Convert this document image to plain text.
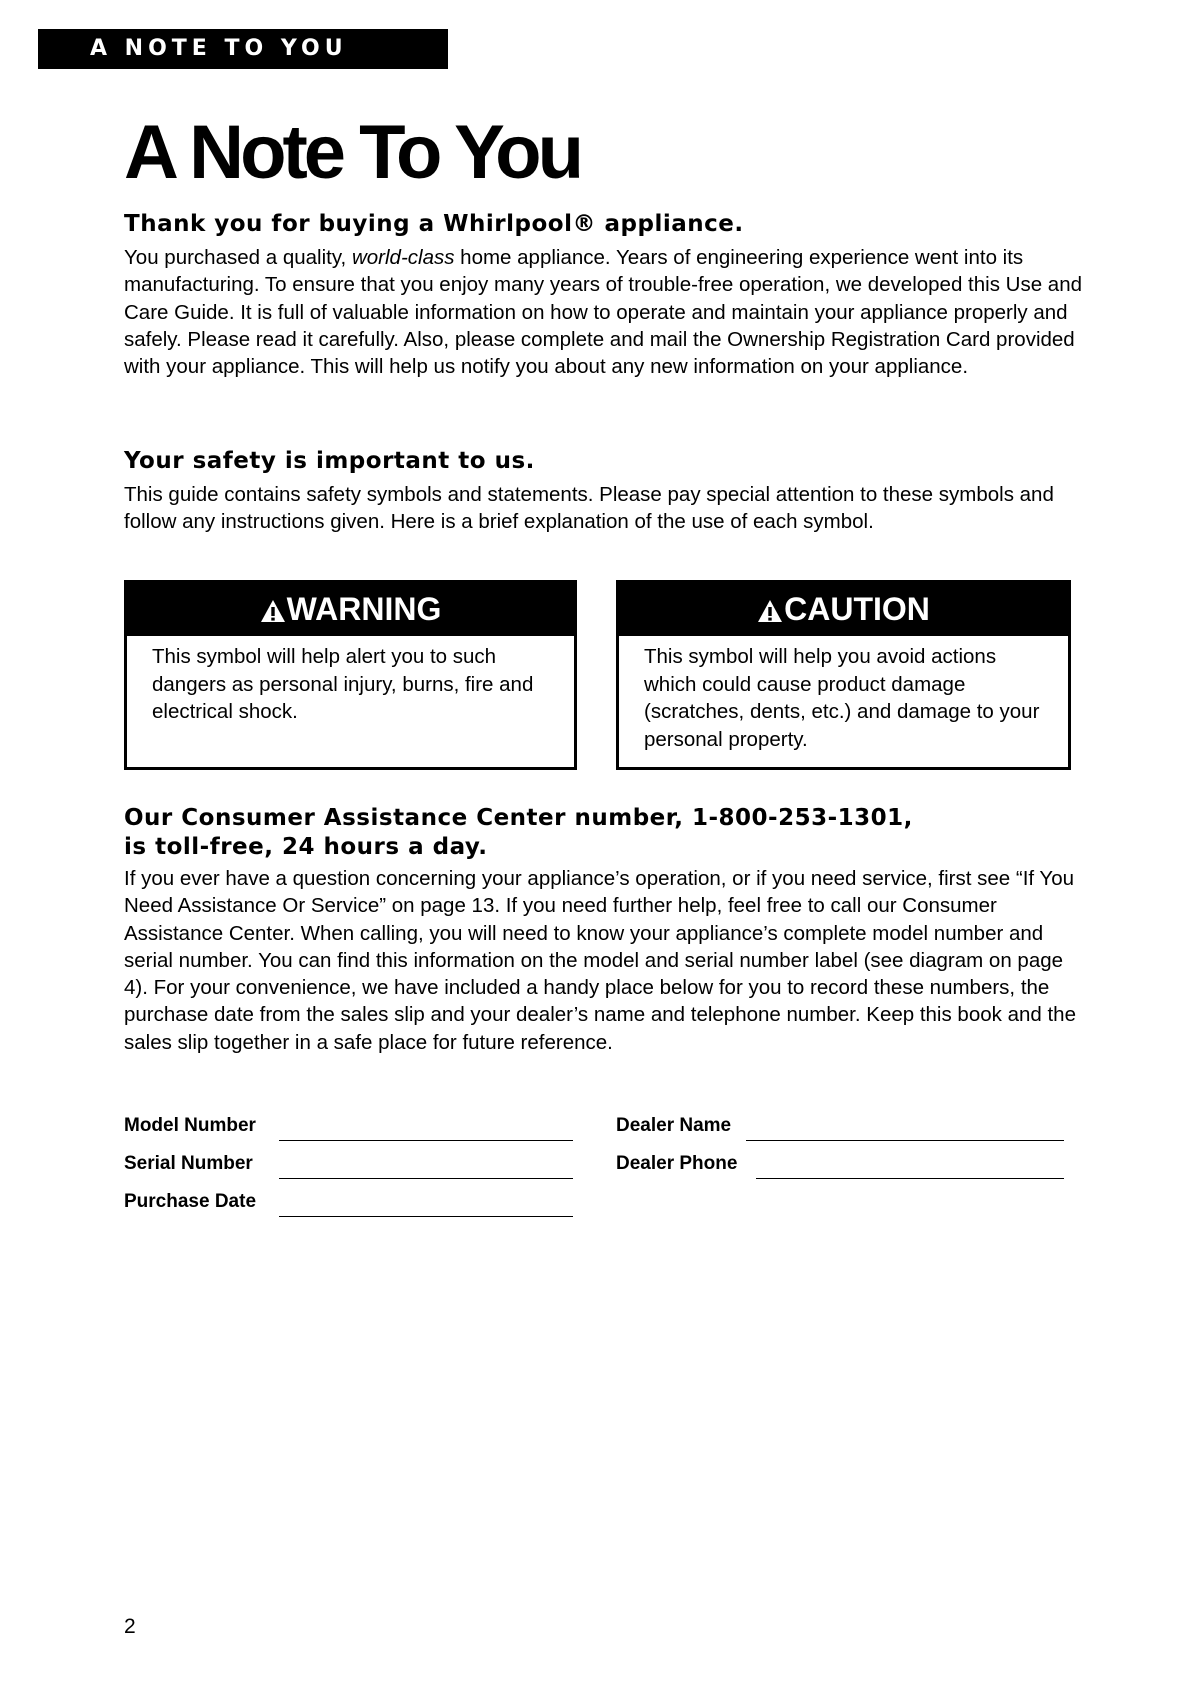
A NOTE TO YOU
A Note To You
Thank you for buying a Whirlpool® appliance.

You purchased a quality, world-class home appliance. Years of engineering experience went into its manufacturing. To ensure that you enjoy many years of trouble-free operation, we developed this Use and Care Guide. It is full of valuable information on how to operate and maintain your appliance properly and safely. Please read it carefully. Also, please complete and mail the Ownership Registration Card provided with your appliance. This will help us notify you about any new information on your appliance.

Your safety is important to us.

This guide contains safety symbols and statements. Please pay special attention to these symbols and follow any instructions given. Here is a brief explanation of the use of each symbol.

WARNING
This symbol will help alert you to such dangers as personal injury, burns, fire and electrical shock.
CAUTION
This symbol will help you avoid actions which could cause product damage (scratches, dents, etc.) and damage to your personal property.
Our Consumer Assistance Center number, 1-800-253-1301,
is toll-free, 24 hours a day.

If you ever have a question concerning your appliance’s operation, or if you need service, first see “If You Need Assistance Or Service” on page 13. If you need further help, feel free to call our Consumer Assistance Center. When calling, you will need to know your appliance’s complete model number and serial number. You can find this information on the model and serial number label (see diagram on page 4). For your convenience, we have included a handy place below for you to record these numbers, the purchase date from the sales slip and your dealer’s name and telephone number. Keep this book and the sales slip together in a safe place for future reference.

Model Number
Serial Number
Purchase Date
Dealer Name
Dealer Phone
2
